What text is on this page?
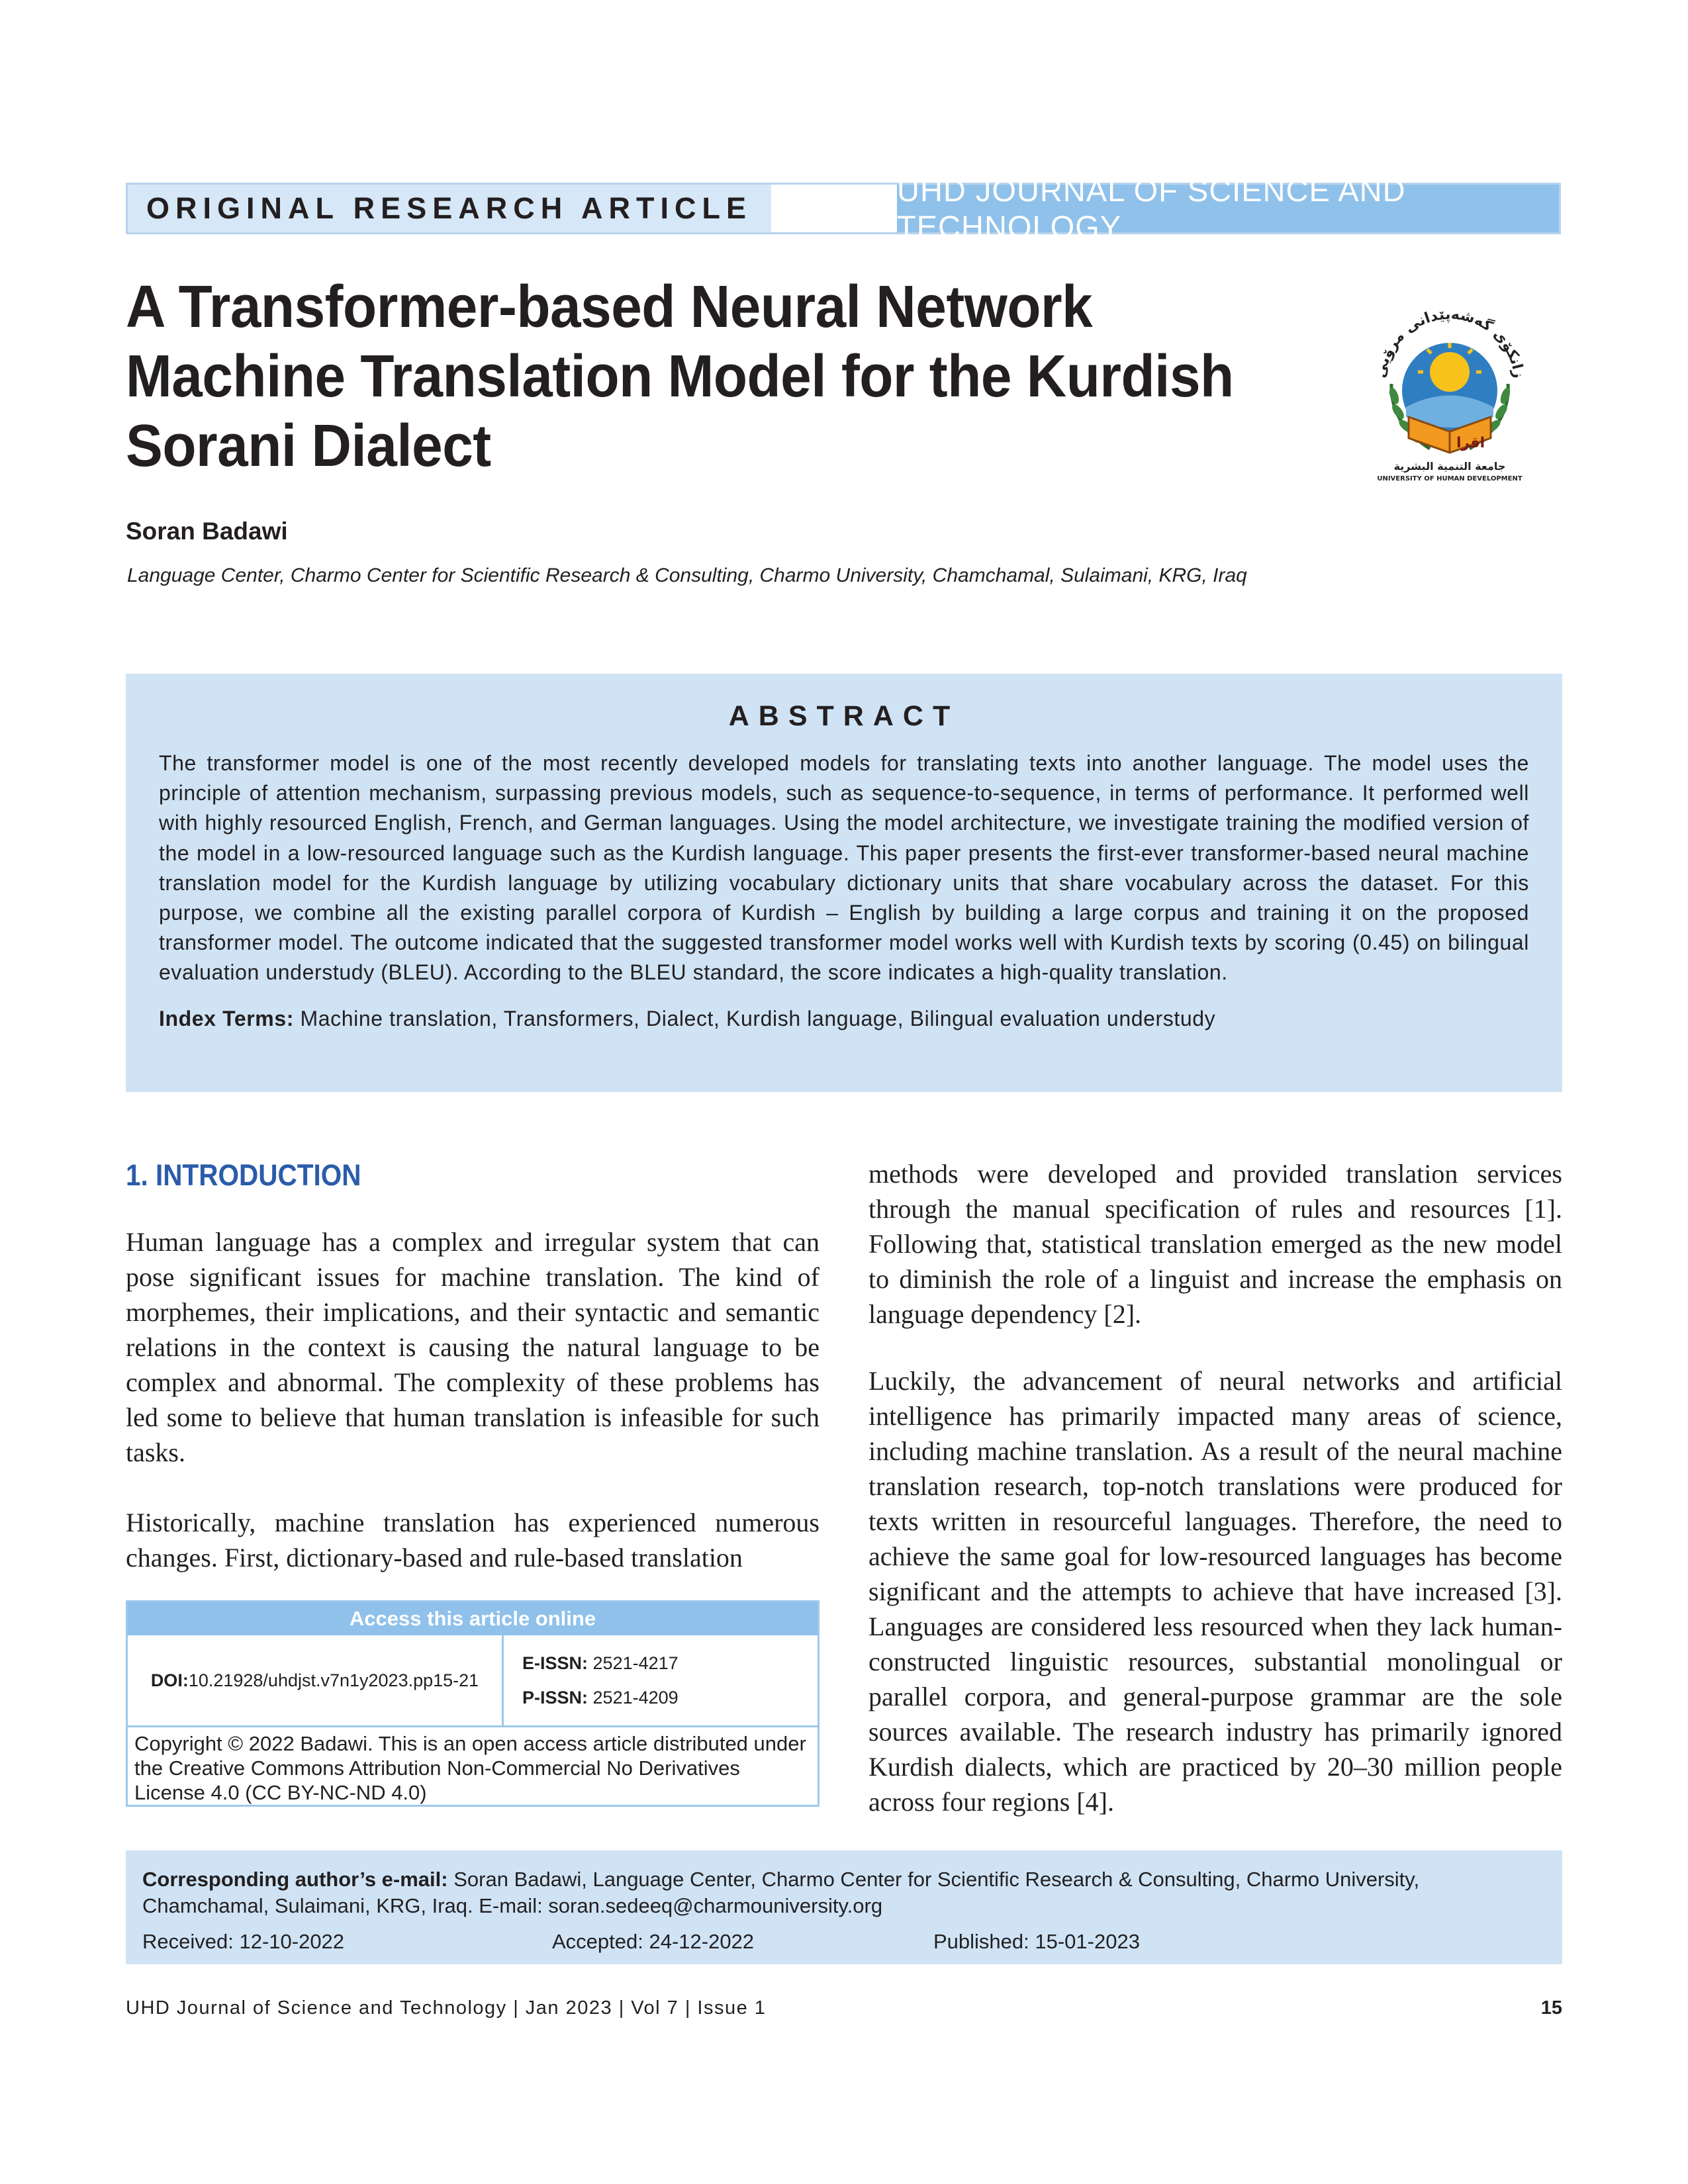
ORIGINAL RESEARCH ARTICLE
UHD JOURNAL OF SCIENCE AND TECHNOLOGY
A Transformer-based Neural Network Machine Translation Model for the Kurdish Sorani Dialect
زانكۆی گەشەپێدانی مرۆیی
اقرا
جامعة التنمية البشرية
UNIVERSITY OF HUMAN DEVELOPMENT
Soran Badawi
Language Center, Charmo Center for Scientific Research & Consulting, Charmo University, Chamchamal, Sulaimani, KRG, Iraq
ABSTRACT

The transformer model is one of the most recently developed models for translating texts into another language. The model uses the principle of attention mechanism, surpassing previous models, such as sequence-to-sequence, in terms of performance. It performed well with highly resourced English, French, and German languages. Using the model architecture, we investigate training the modified version of the model in a low-resourced language such as the Kurdish language. This paper presents the first-ever transformer-based neural machine translation model for the Kurdish language by utilizing vocabulary dictionary units that share vocabulary across the dataset. For this purpose, we combine all the existing parallel corpora of Kurdish – English by building a large corpus and training it on the proposed transformer model. The outcome indicated that the suggested transformer model works well with Kurdish texts by scoring (0.45) on bilingual evaluation understudy (BLEU). According to the BLEU standard, the score indicates a high-quality translation.

Index Terms: Machine translation, Transformers, Dialect, Kurdish language, Bilingual evaluation understudy
1. INTRODUCTION

Human language has a complex and irregular system that can pose significant issues for machine translation. The kind of morphemes, their implications, and their syntactic and semantic relations in the context is causing the natural language to be complex and abnormal. The complexity of these problems has led some to believe that human translation is infeasible for such tasks.

Historically, machine translation has experienced numerous changes. First, dictionary-based and rule-based translation

methods were developed and provided translation services through the manual specification of rules and resources [1]. Following that, statistical translation emerged as the new model to diminish the role of a linguist and increase the emphasis on language dependency [2].

Luckily, the advancement of neural networks and artificial intelligence has primarily impacted many areas of science, including machine translation. As a result of the neural machine translation research, top-notch translations were produced for texts written in resourceful languages. Therefore, the need to achieve the same goal for low-resourced languages has become significant and the attempts to achieve that have increased [3]. Languages are considered less resourced when they lack human-constructed linguistic resources, substantial monolingual or parallel corpora, and general-purpose grammar are the sole sources available. The research industry has primarily ignored Kurdish dialects, which are practiced by 20–30 million people across four regions [4].

Access this article online
DOI: 10.21928/uhdjst.v7n1y2023.pp15-21
E-ISSN: 2521-4217
P-ISSN: 2521-4209
Copyright © 2022 Badawi. This is an open access article distributed under the Creative Commons Attribution Non-Commercial No Derivatives License 4.0 (CC BY-NC-ND 4.0)
Corresponding author’s e-mail: Soran Badawi, Language Center, Charmo Center for Scientific Research & Consulting, Charmo University, Chamchamal, Sulaimani, KRG, Iraq. E-mail: soran.sedeeq@charmouniversity.org
Received: 12-10-2022	Accepted: 24-12-2022	Published: 15-01-2023
UHD Journal of Science and Technology | Jan 2023 | Vol 7 | Issue 1	15
